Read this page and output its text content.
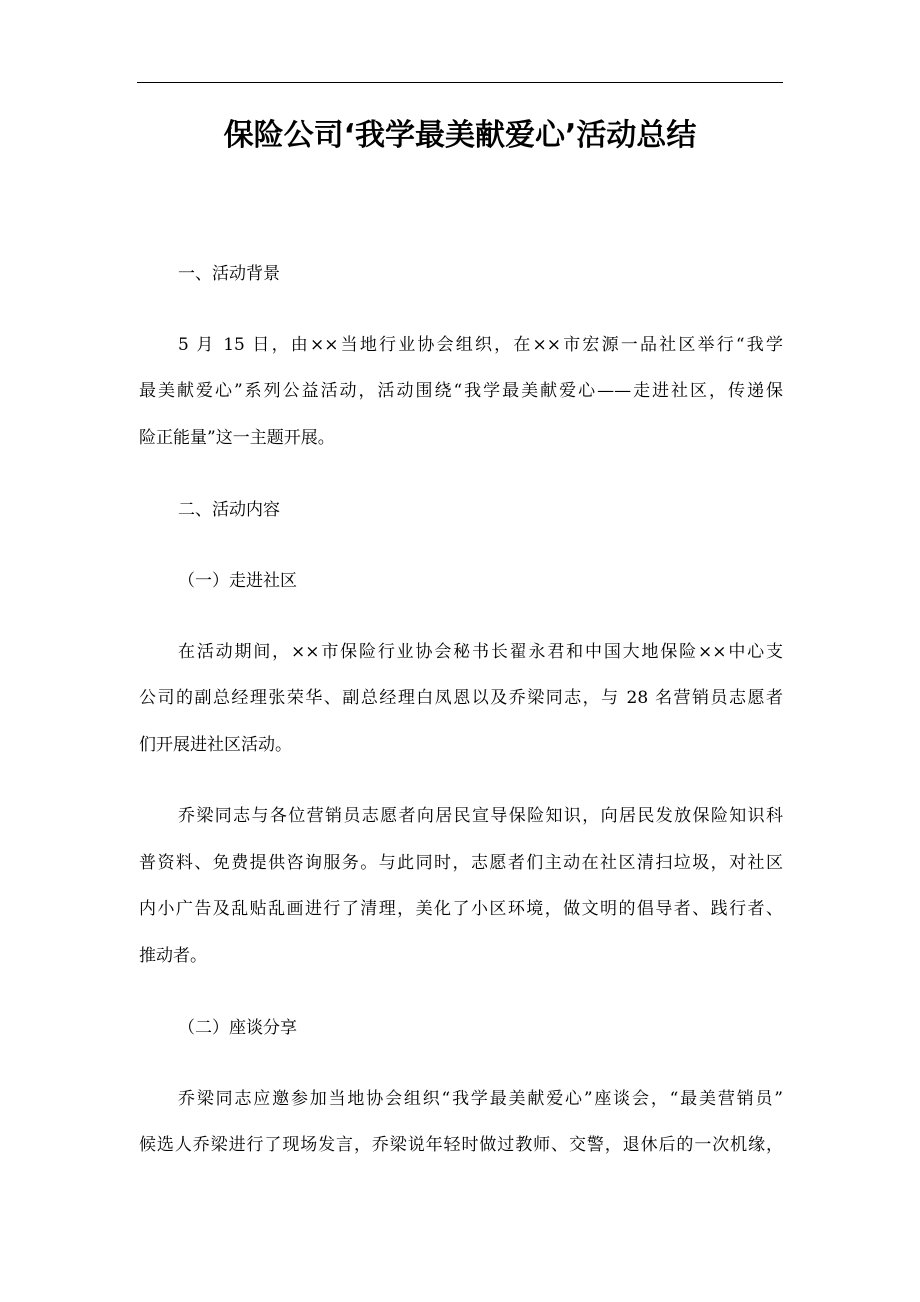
保险公司‘我学最美献爱心’活动总结
一、活动背景
5 月 15 日，由××当地行业协会组织，在××市宏源一品社区举行“我学
最美献爱心”系列公益活动，活动围绕“我学最美献爱心——走进社区，传递保
险正能量”这一主题开展。
二、活动内容
（一）走进社区
在活动期间，××市保险行业协会秘书长翟永君和中国大地保险××中心支
公司的副总经理张荣华、副总经理白凤恩以及乔梁同志，与 28 名营销员志愿者
们开展进社区活动。
乔梁同志与各位营销员志愿者向居民宣导保险知识，向居民发放保险知识科
普资料、免费提供咨询服务。与此同时，志愿者们主动在社区清扫垃圾，对社区
内小广告及乱贴乱画进行了清理，美化了小区环境，做文明的倡导者、践行者、
推动者。
（二）座谈分享
乔梁同志应邀参加当地协会组织“我学最美献爱心”座谈会，“最美营销员”
候选人乔梁进行了现场发言，乔梁说年轻时做过教师、交警，退休后的一次机缘，
